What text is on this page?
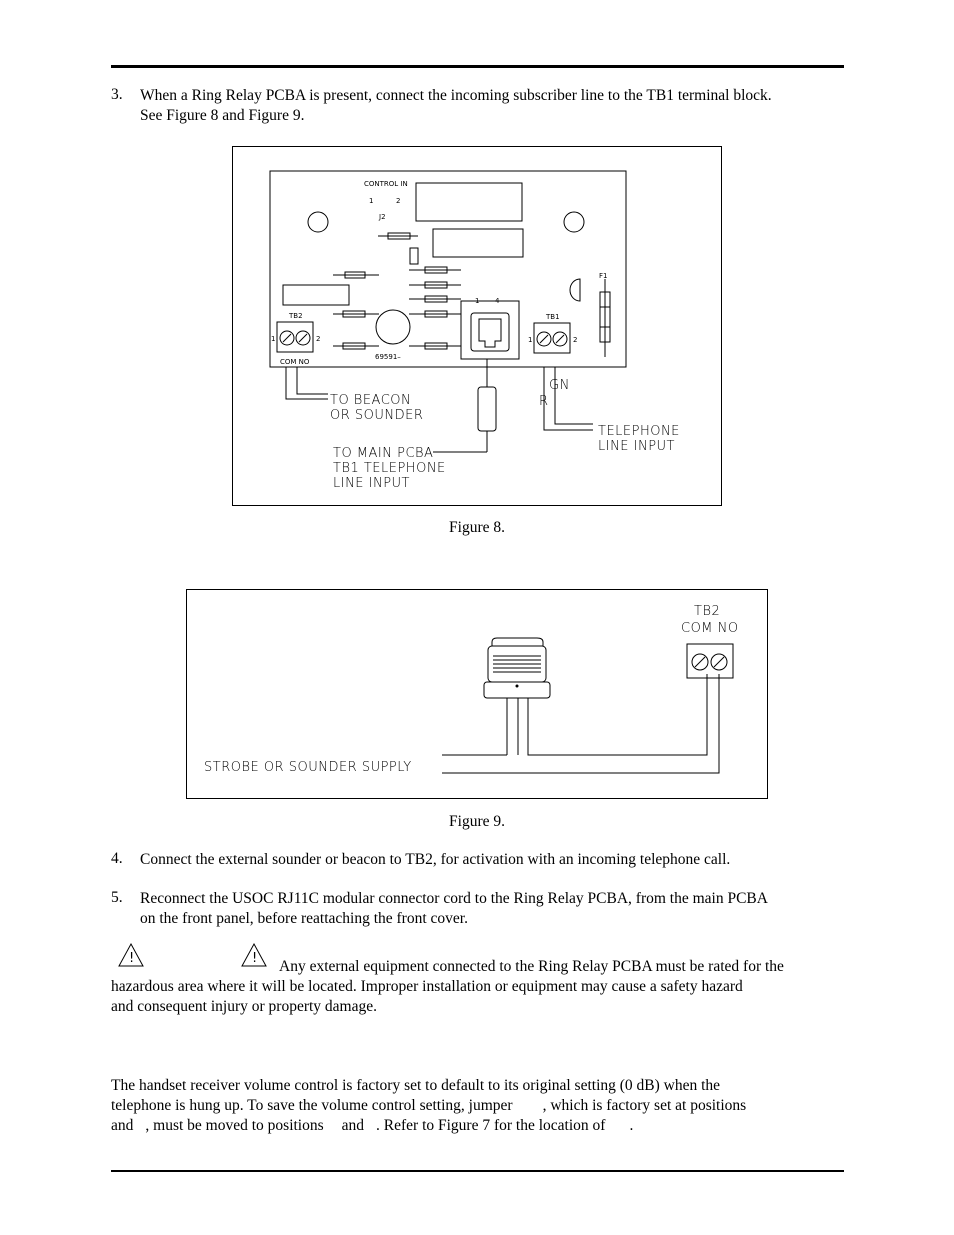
3. When a Ring Relay PCBA is present, connect the incoming subscriber line to the TB1 terminal block.
See Figure 8 and Figure 9.
CONTROL IN
1	2
J2
F1
TB2	TB1
1	2	1	2
1 4
COM NO
69591–
GN
R
TO BEACON
OR SOUNDER
TELEPHONE
LINE INPUT
TO MAIN PCBA
TB1 TELEPHONE
LINE INPUT
Figure 8.
TB2
COM NO
STROBE OR SOUNDER SUPPLY
Figure 9.
4. Connect the external sounder or beacon to TB2, for activation with an incoming telephone call.
5. Reconnect the USOC RJ11C modular connector cord to the Ring Relay PCBA, from the main PCBA
on the front panel, before reattaching the front cover.
!	!	Any external equipment connected to the Ring Relay PCBA must be rated for the
hazardous area where it will be located. Improper installation or equipment may cause a safety hazard
and consequent injury or property damage.
The handset receiver volume control is factory set to default to its original setting (0 dB) when the
telephone is hung up. To save the volume control setting, jumper , which is factory set at positions
and , must be moved to positions and . Refer to Figure 7 for the location of .
